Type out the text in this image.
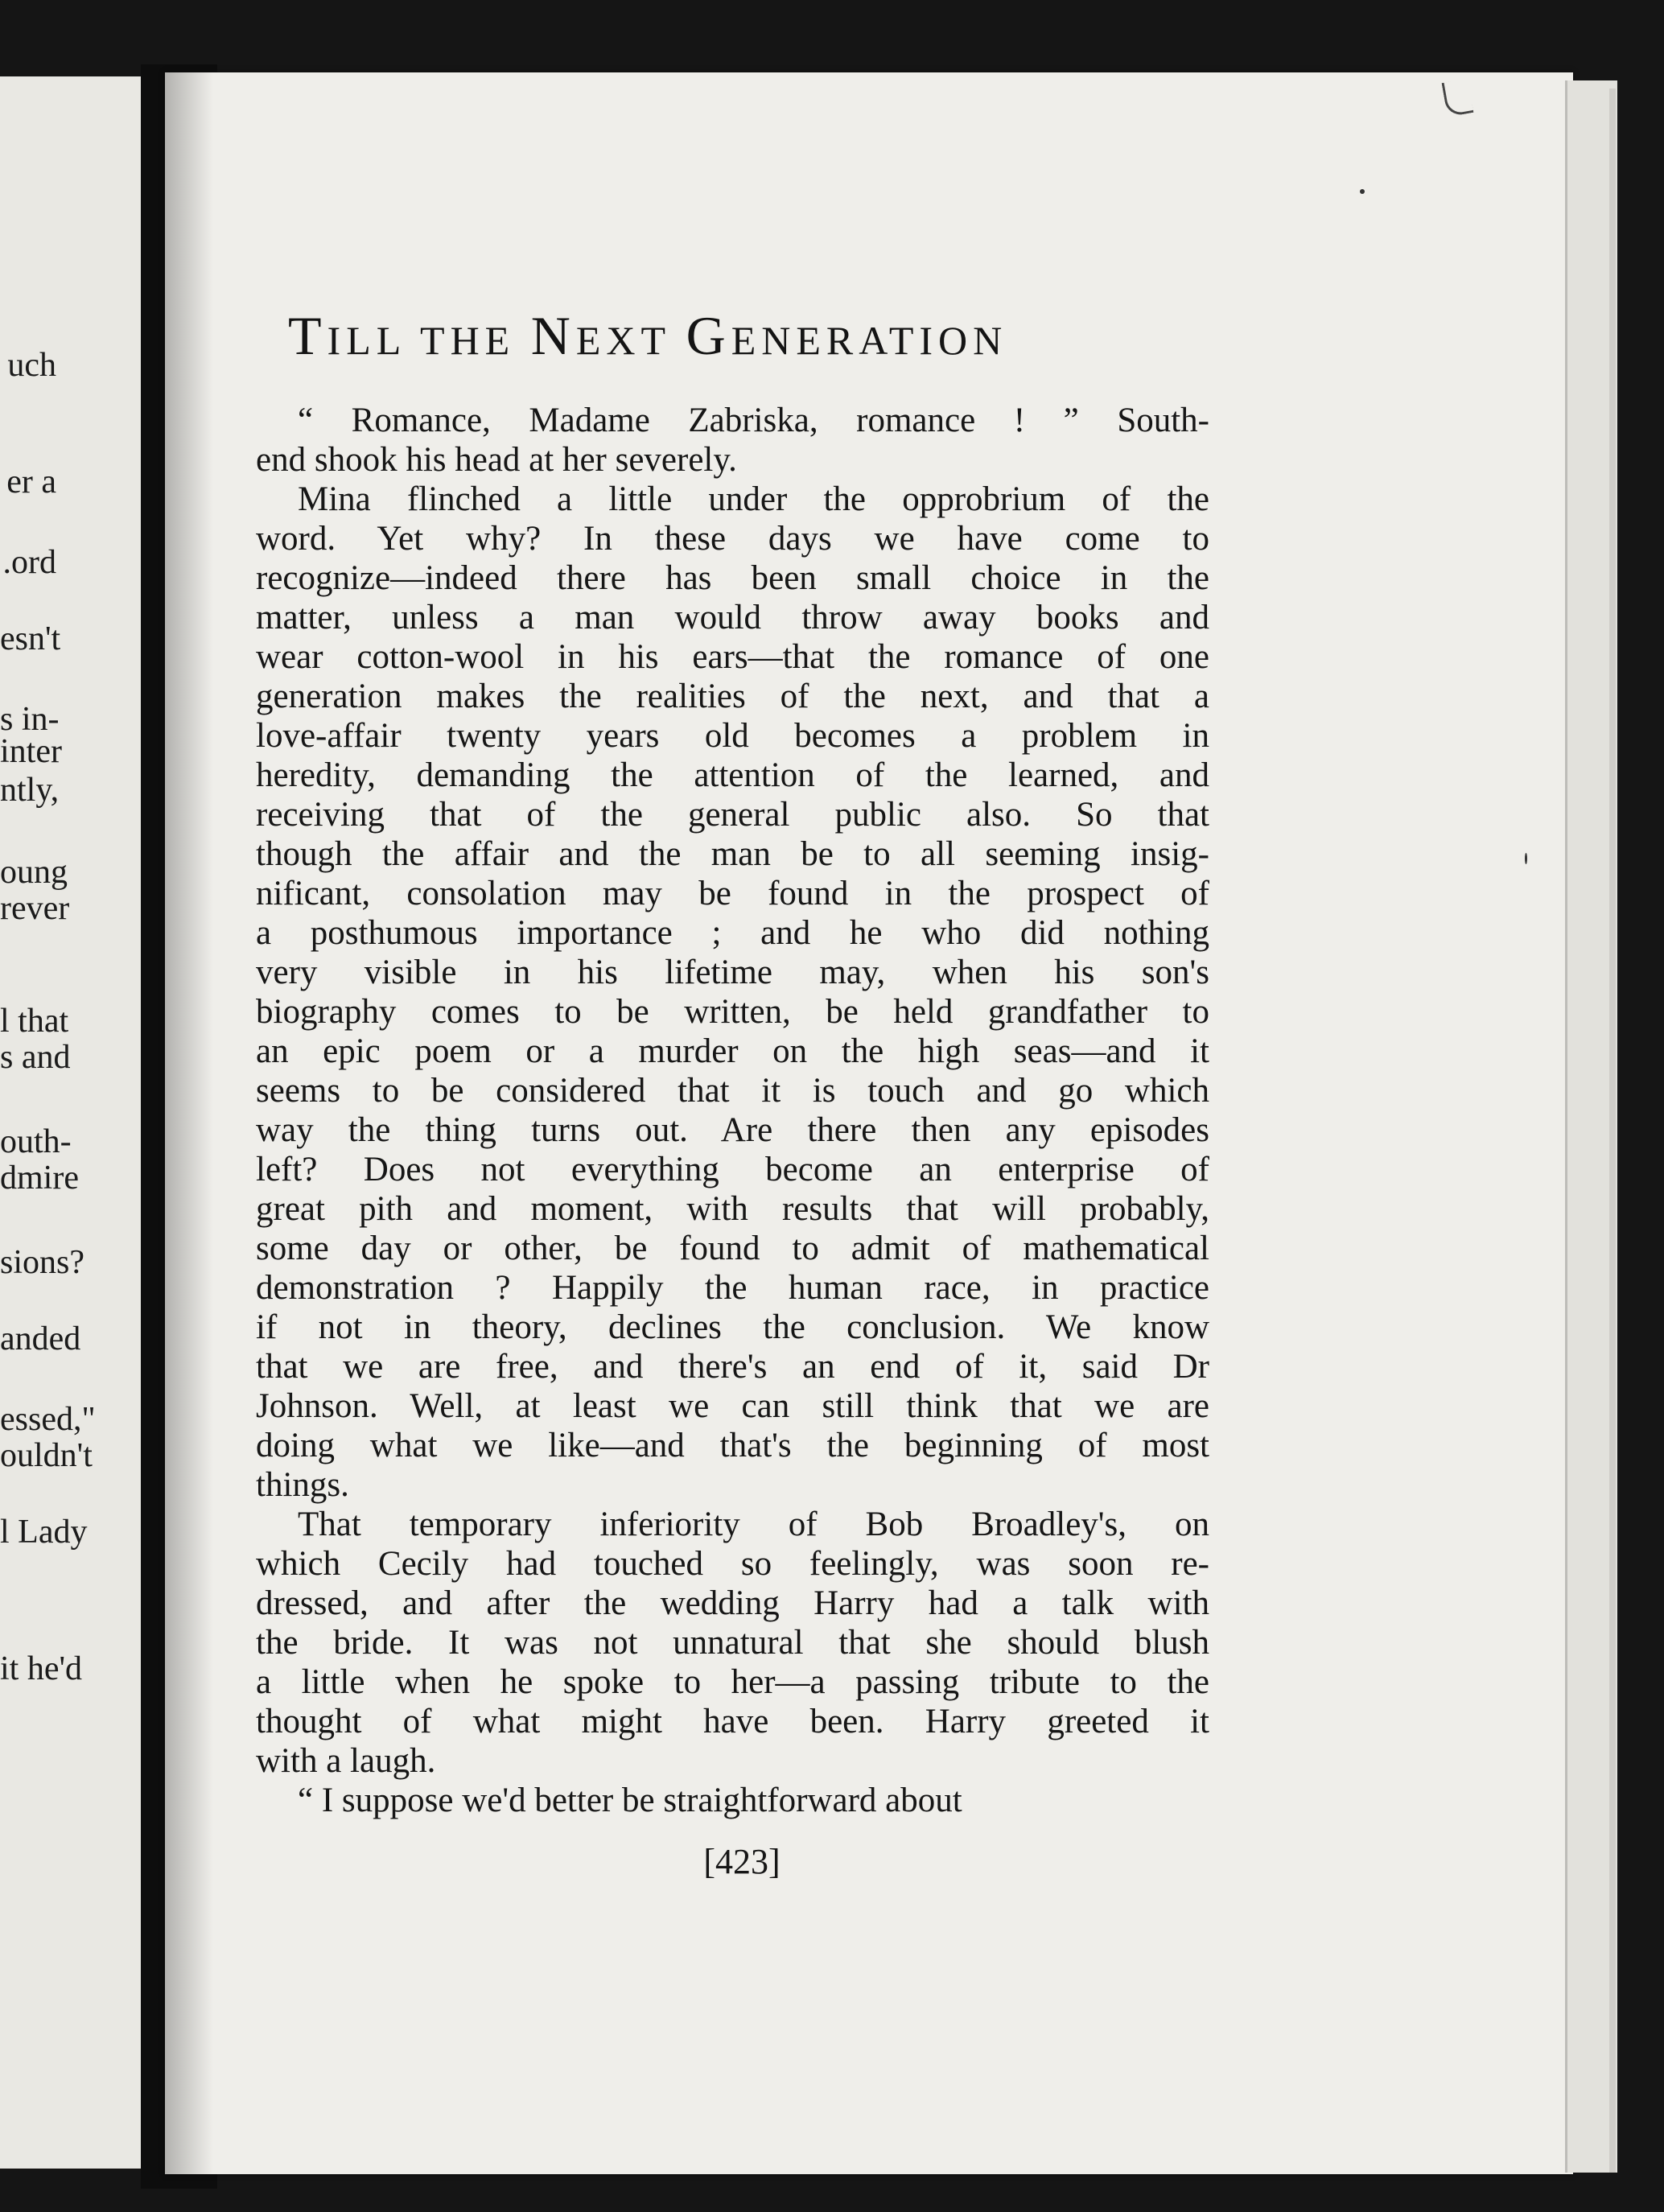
uch
er a
.ord
esn't
s in-
inter
ntly,
oung
rever
l that
s and
outh-
dmire
sions?
anded
essed,"
ouldn't
l Lady
it he'd
TILL THE NEXT GENERATION
“ Romance, Madame Zabriska, romance ! ” South-
end shook his head at her severely.
Mina flinched a little under the opprobrium of the
word. Yet why? In these days we have come to
recognize—indeed there has been small choice in the
matter, unless a man would throw away books and
wear cotton-wool in his ears—that the romance of one
generation makes the realities of the next, and that a
love-affair twenty years old becomes a problem in
heredity, demanding the attention of the learned, and
receiving that of the general public also. So that
though the affair and the man be to all seeming insig-
nificant, consolation may be found in the prospect of
a posthumous importance ; and he who did nothing
very visible in his lifetime may, when his son's
biography comes to be written, be held grandfather to
an epic poem or a murder on the high seas—and it
seems to be considered that it is touch and go which
way the thing turns out. Are there then any episodes
left? Does not everything become an enterprise of
great pith and moment, with results that will probably,
some day or other, be found to admit of mathematical
demonstration ? Happily the human race, in practice
if not in theory, declines the conclusion. We know
that we are free, and there's an end of it, said Dr
Johnson. Well, at least we can still think that we are
doing what we like—and that's the beginning of most
things.
That temporary inferiority of Bob Broadley's, on
which Cecily had touched so feelingly, was soon re-
dressed, and after the wedding Harry had a talk with
the bride. It was not unnatural that she should blush
a little when he spoke to her—a passing tribute to the
thought of what might have been. Harry greeted it
with a laugh.
“ I suppose we'd better be straightforward about
[423]
